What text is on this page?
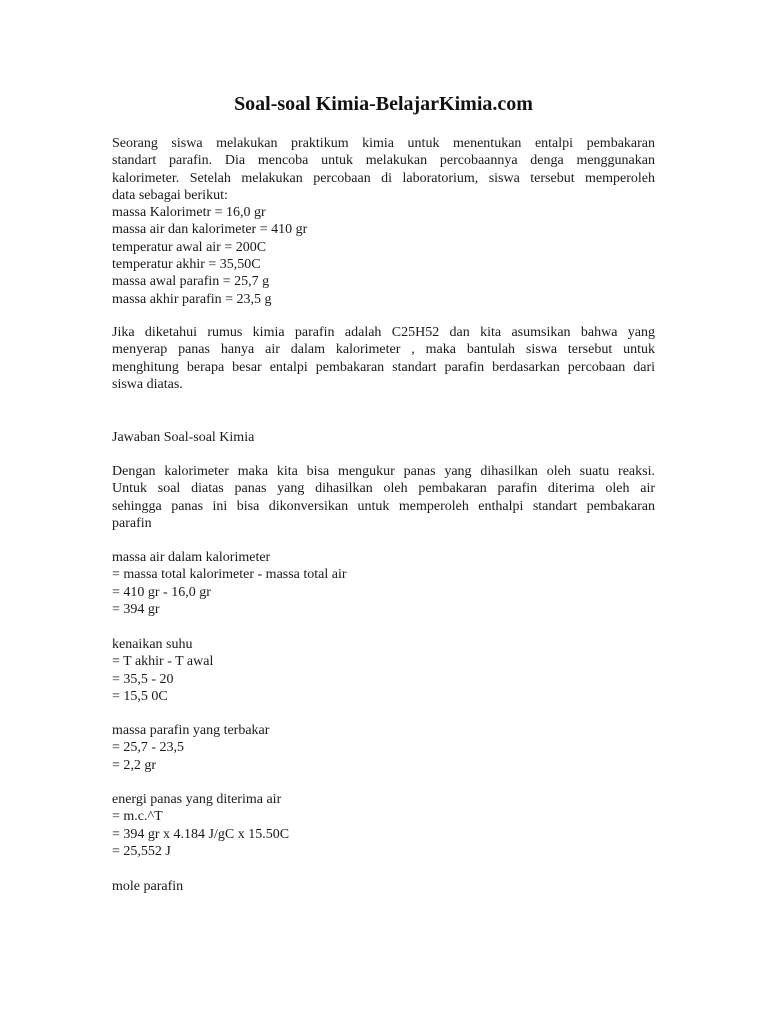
Soal-soal Kimia-BelajarKimia.com
Seorang siswa melakukan praktikum kimia untuk menentukan entalpi pembakaran
standart parafin. Dia mencoba untuk melakukan percobaannya denga menggunakan
kalorimeter. Setelah melakukan percobaan di laboratorium, siswa tersebut memperoleh
data sebagai berikut:
massa Kalorimetr = 16,0 gr
massa air dan kalorimeter = 410 gr
temperatur awal air = 200C
temperatur akhir = 35,50C
massa awal parafin = 25,7 g
massa akhir parafin = 23,5 g
Jika diketahui rumus kimia parafin adalah C25H52 dan kita asumsikan bahwa yang
menyerap panas hanya air dalam kalorimeter , maka bantulah siswa tersebut untuk
menghitung berapa besar entalpi pembakaran standart parafin berdasarkan percobaan dari
siswa diatas.
Jawaban Soal-soal Kimia
Dengan kalorimeter maka kita bisa mengukur panas yang dihasilkan oleh suatu reaksi.
Untuk soal diatas panas yang dihasilkan oleh pembakaran parafin diterima oleh air
sehingga panas ini bisa dikonversikan untuk memperoleh enthalpi standart pembakaran
parafin
massa air dalam kalorimeter
= massa total kalorimeter - massa total air
= 410 gr - 16,0 gr
= 394 gr
kenaikan suhu
= T akhir - T awal
= 35,5 - 20
= 15,5 0C
massa parafin yang terbakar
= 25,7 - 23,5
= 2,2 gr
energi panas yang diterima air
= m.c.^T
= 394 gr x 4.184 J/gC x 15.50C
= 25,552 J
mole parafin
